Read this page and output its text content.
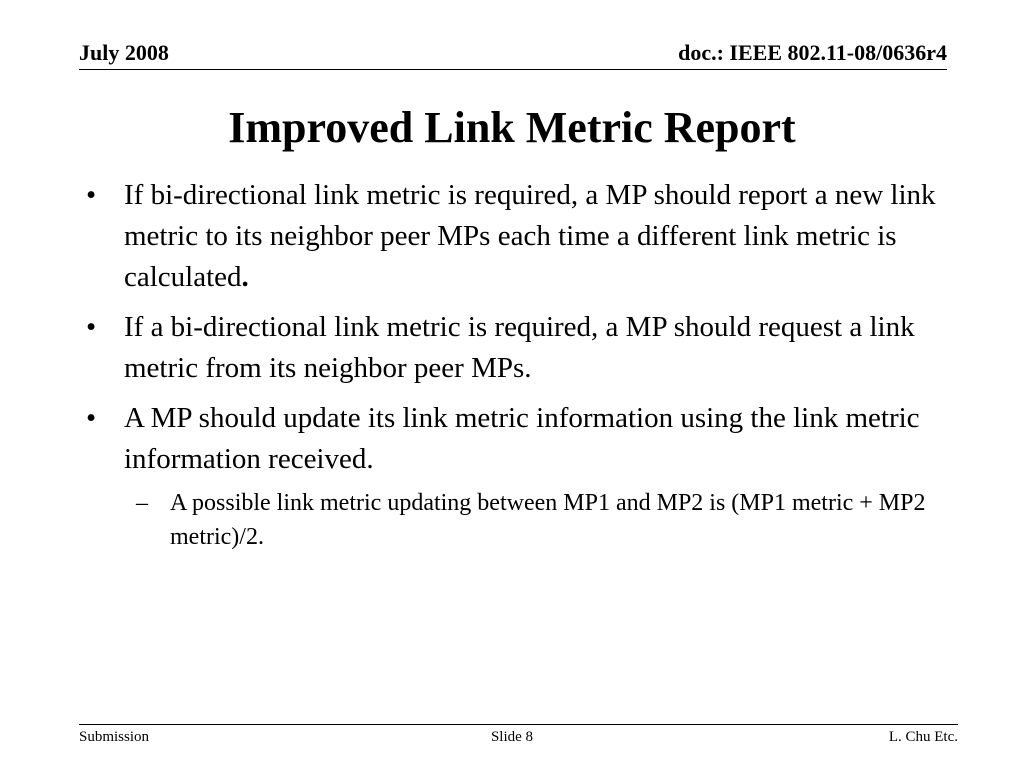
July 2008	doc.: IEEE 802.11-08/0636r4
Improved Link Metric Report
• If bi-directional link metric is required, a MP should report a new link metric to its neighbor peer MPs each time a different link metric is calculated.
• If a bi-directional link metric is required, a MP should request a link metric from its neighbor peer MPs.
• A MP should update its link metric information using the link metric information received.
– A possible link metric updating between MP1 and MP2 is (MP1 metric + MP2 metric)/2.
Submission	Slide 8	L. Chu Etc.
